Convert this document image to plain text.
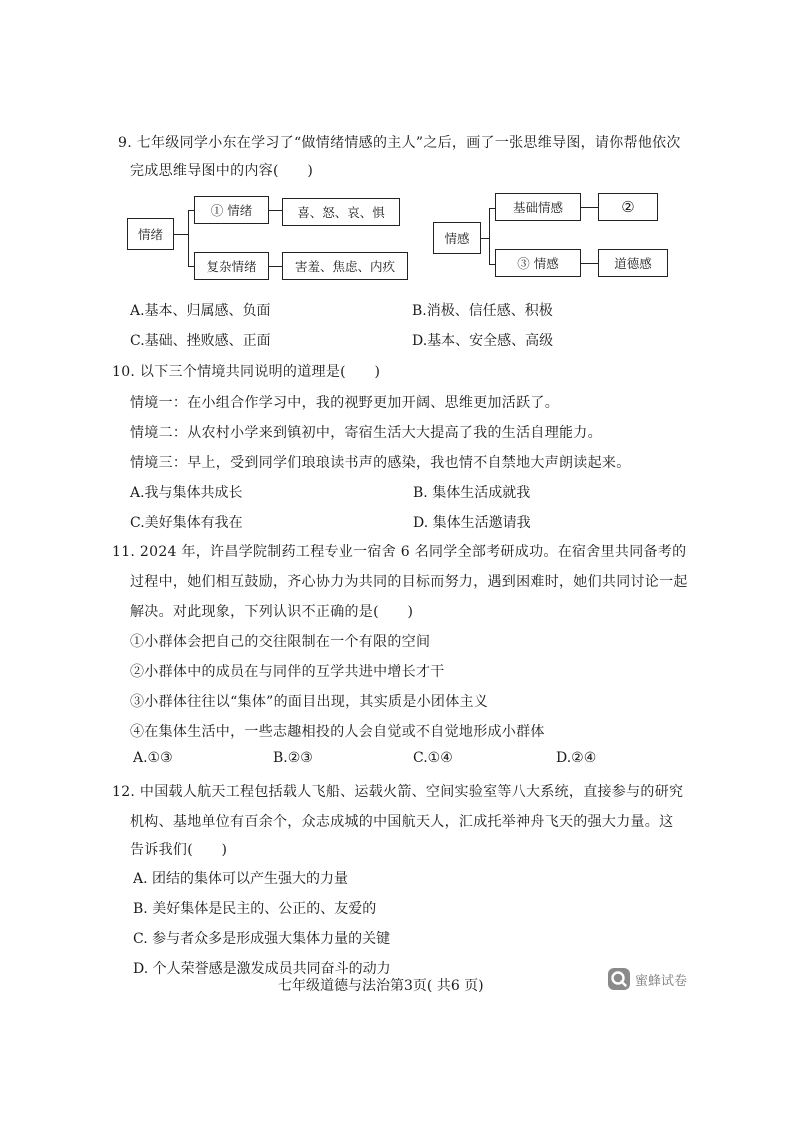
9. 七年级同学小东在学习了“做情绪情感的主人”之后，画了一张思维导图，请你帮他依次
完成思维导图中的内容(　　)
情绪
① 情绪	喜、怒、哀、惧
复杂情绪	害羞、焦虑、内疚
情感
基础情感	②
③ 情感	道德感
A.基本、归属感、负面	B.消极、信任感、积极
C.基础、挫败感、正面	D.基本、安全感、高级
10. 以下三个情境共同说明的道理是(　　)
情境一：在小组合作学习中，我的视野更加开阔、思维更加活跃了。
情境二：从农村小学来到镇初中，寄宿生活大大提高了我的生活自理能力。
情境三：早上，受到同学们琅琅读书声的感染，我也情不自禁地大声朗读起来。
A.我与集体共成长	B. 集体生活成就我
C.美好集体有我在	D. 集体生活邀请我
11. 2024 年，许昌学院制药工程专业一宿舍 6 名同学全部考研成功。在宿舍里共同备考的
过程中，她们相互鼓励，齐心协力为共同的目标而努力，遇到困难时，她们共同讨论一起
解决。对此现象，下列认识不正确的是(　　)
①小群体会把自己的交往限制在一个有限的空间
②小群体中的成员在与同伴的互学共进中增长才干
③小群体往往以“集体”的面目出现，其实质是小团体主义
④在集体生活中，一些志趣相投的人会自觉或不自觉地形成小群体
A.①③	B.②③	C.①④	D.②④
12. 中国载人航天工程包括载人飞船、运载火箭、空间实验室等八大系统，直接参与的研究
机构、基地单位有百余个，众志成城的中国航天人，汇成托举神舟飞天的强大力量。这
告诉我们(　　)
A. 团结的集体可以产生强大的力量
B. 美好集体是民主的、公正的、友爱的
C. 参与者众多是形成强大集体力量的关键
D. 个人荣誉感是激发成员共同奋斗的动力
七年级道德与法治第3页( 共6 页)	蜜蜂试卷
